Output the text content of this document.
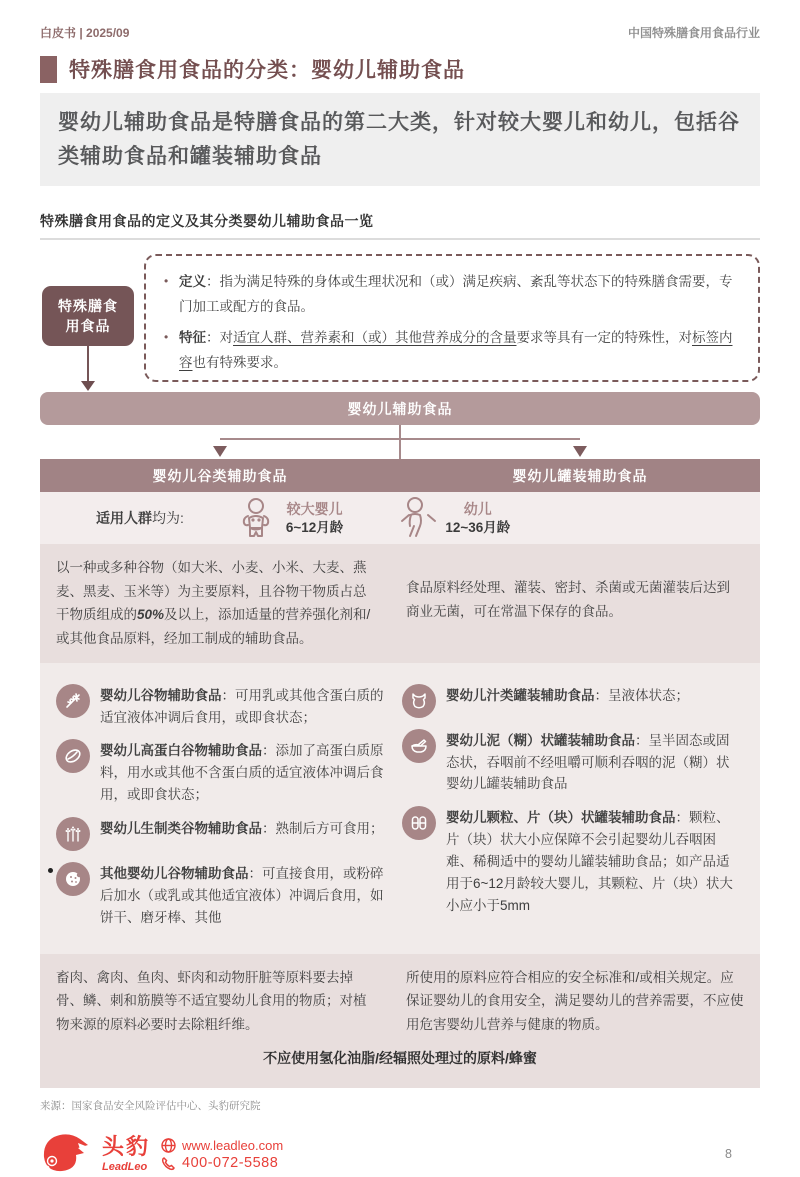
白皮书 | 2025/09	中国特殊膳食用食品行业
特殊膳食用食品的分类：婴幼儿辅助食品
婴幼儿辅助食品是特膳食品的第二大类，针对较大婴儿和幼儿，包括谷类辅助食品和罐装辅助食品
特殊膳食用食品的定义及其分类婴幼儿辅助食品一览
• 定义：指为满足特殊的身体或生理状况和（或）满足疾病、紊乱等状态下的特殊膳食需要，专门加工或配方的食品。
• 特征：对适宜人群、营养素和（或）其他营养成分的含量要求等具有一定的特殊性，对标签内容也有特殊要求。
特殊膳食
用食品
婴幼儿辅助食品
婴幼儿谷类辅助食品	婴幼儿罐装辅助食品
适用人群均为:
较大婴儿
6~12月龄
幼儿
12~36月龄
以一种或多种谷物（如大米、小麦、小米、大麦、燕麦、黑麦、玉米等）为主要原料，且谷物干物质占总干物质组成的50%及以上，添加适量的营养强化剂和/或其他食品原料，经加工制成的辅助食品。
食品原料经处理、灌装、密封、杀菌或无菌灌装后达到商业无菌，可在常温下保存的食品。
婴幼儿谷物辅助食品：可用乳或其他含蛋白质的适宜液体冲调后食用，或即食状态；
婴幼儿高蛋白谷物辅助食品：添加了高蛋白质原料，用水或其他不含蛋白质的适宜液体冲调后食用，或即食状态；
婴幼儿生制类谷物辅助食品：熟制后方可食用；
其他婴幼儿谷物辅助食品：可直接食用，或粉碎后加水（或乳或其他适宜液体）冲调后食用，如饼干、磨牙棒、其他
婴幼儿汁类罐装辅助食品：呈液体状态；
婴幼儿泥（糊）状罐装辅助食品：呈半固态或固态状，吞咽前不经咀嚼可顺利吞咽的泥（糊）状婴幼儿罐装辅助食品
婴幼儿颗粒、片（块）状罐装辅助食品：颗粒、片（块）状大小应保障不会引起婴幼儿吞咽困难、稀稠适中的婴幼儿罐装辅助食品；如产品适用于6~12月龄较大婴儿，其颗粒、片（块）状大小应小于5mm
畜肉、禽肉、鱼肉、虾肉和动物肝脏等原料要去掉骨、鳞、刺和筋膜等不适宜婴幼儿食用的物质；对植物来源的原料必要时去除粗纤维。
所使用的原料应符合相应的安全标准和/或相关规定。应保证婴幼儿的食用安全，满足婴幼儿的营养需要，不应使用危害婴幼儿营养与健康的物质。
不应使用氢化油脂/经辐照处理过的原料/蜂蜜
来源：国家食品安全风险评估中心、头豹研究院
头豹
LeadLeo
www.leadleo.com
400-072-5588
8
